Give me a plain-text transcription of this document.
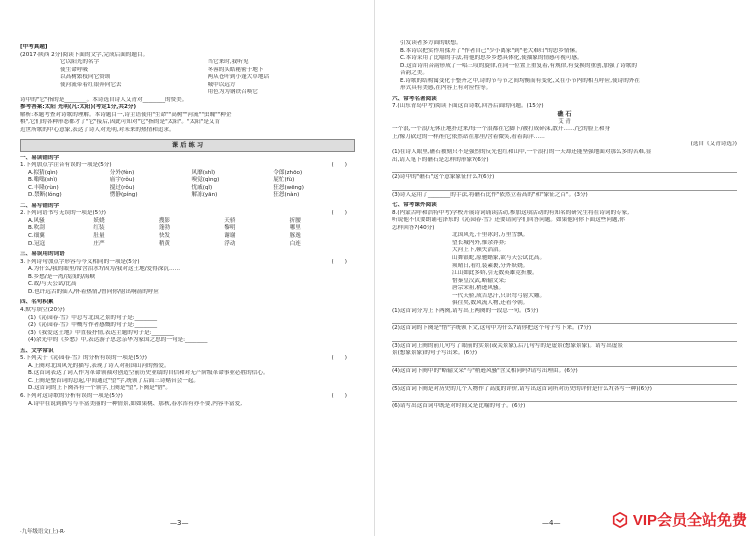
[中考真题]
(2017·陕西 2分)阅读下面的文字,完成后面的题目。
它以阳光的名字
使生命呼吸
以高树繁枝向它赞颂
使河流带着红银奔向它去
当它来时,我听见
冬蓉的头皓秘密于地下
两从苍叶到小蓬大草地话
城中以远方
用色为为钢铁召唤它
诗中的"它"指的是________。本诗选自诗人艾青对________的赞美。
参考答案:太阳 光明(凡:太阳)(考定1分,共2分)
解析:本题考查对诗歌的理解。本诗题目一,诗主语使用"生命""高树""河流""虫魄""种企
棋",它们的各种形态都才了"它"接后,因此可知对"它"指的是"太阳"。"太阳"是艾肯
近世所歌的中心意象,表达了诗人对光明,对未来的热情和追求。
课 后 练 习
一、易读错的字
1.下列加点字注音有误的一项是(5分)	(　　)
A.拟猜(qìn)	分外(fèn)	风靡(shǐ)	令郎(zhōo)
B.嗡嗡(shì)	庙宇(rǒu)	嗅觉(qìng)	屁忙(fù)
C.丰隆(rùn)	搅过(rǒu)	忧戚(qǐ)	狂怒(wēng)
D.禁断(lǒng)	愣静(píng)	解冻(yān)	狂怒(nàn)
二、易写错的字
2.下列词语书写无误的一项是(5分)	(　　)
A.风骚	妖娆	搜影	天骄	折腰
B.吹刮	红装	蓬勃	黎明	哪里
C.细翼	肚量	快发	谢谢	豚逸
D.冠寇	庄严	稍黄	浮动	白连
三、易误用的词语
3.下列诗句加点字形容与今义相同的一项是(5分)	(　　)
A.为什么/我的眼里/常含泪水?/因为/我对这土地/爱得深沉……
B.乡愁/是一湾/浅浅的/海峡
C.故/与天公试/比高
D.也许远古的仙人/怀着热情,/曾向你/射出响箭的呼应
四、名句积累
4.默写填空(20分)
(1)《沁园春·雪》中总写北国之景的句子是:________
(2)《沁园春·雪》中概写作者感慨的句子是:________
(3)《我爱这土地》中直接抒情,表达主题的句子是:________
(4)余光中的《乡愁》中,表达游子思念亲华为家国之思的一句是:________
五、文学常识
5.下列关于《沁园春·雪》的分析有误的一项是(5分)	(　　)
A.上阕对北国风光的描写,表现了诗人对祖国山河的热爱。
B.这首词表达了词人作为革命领袖对创造空前历史业绩的自信和对无产阶级革命事业必胜的信心。
C.上阕是整首词的总起,中间通过"望"字,统领了后面三诗赌台会一起。
D.这首词的上下阕各有一个领字,上阕是"望",下阕是"惜"。
6.下列对这诗歌的分析有误的一项是(5分)	(　　)
A.诗中在说到描写与丰富美丽的一种情景,如如果桃、那秋,春水浑有亦不要,内容丰富爱,
·九年级语文(上)·R·
—3—
引发读者多方面的联想。
B.本诗以把实作用揉开了"作者自己"少小离家"到"老大难归"的思乡情愫。
C.本诗采用了比喻的手法,将他的思乡乡愁具体化,使抽象的情感可视可感。
D.这首诗用音韵形成了一唱三叹的旋律,在同一位置上重复着,有规律,有变换的重创,加强了诗歌的
音韵之美。
E.诗歌的结构寓变化于整齐之中,诗的节与节之间均衡而有变化,又在小节内的相互呼应,使诗的外在
形式具有美感,在内容上有对应性等。
六、常考名著阅读
7.(山东青岛中考)阅读下面这首诗歌,回答后面的问题。(15分)
礁 石
艾 青
一个浪,一个浪/无休止地扑过来/每一个浪都在它脚下/被打成碎沫,散开……/它的脸上和身
上/像刀砍过的一样/但它依然站在那里/含着微笑,看着海洋……
(选自《艾青诗选》)
(1)在诗人眼里,礁石被刻只不是强烈的反光也红和山中,一个浪打的一天却还能坚强地面对那么多的苦难,显
出,请人笔下的礁石是怎样的形象?(6分)
(2)诗中的"礁石"这个意象象征什么?(6分)
(3)诗人运用了________的手法,将礁石比作"依然立着高的"和"象征之百"。(3分)
七、常考课外阅读
8.(内蒙古呼和浩特中考)学校开展诗词诵读活动,参加这项活动的有知名的研究生将在诗词的专家,
听说他不仅要朗诵毛泽东的《沁园春·雪》还要请同学们回答问题。如果他问你下面这些问题,你
怎样回答?(40分)
北国风光,千里冰封,万里雪飘。
望长城内外,惟余莽莽;
大河上下,顿失滔滔。
山舞银蛇,原驰蜡象,欲与天公试比高。
须晴日,看红装素裹,分外妖娆。
江山如此多娇,引无数英雄竞折腰。
惜秦皇汉武,略输文采;
唐宗宋祖,稍逊风骚。
一代天骄,成吉思汗,只识弯弓射大雕。
俱往矣,数风流人物,还看今朝。
(1)这首词分为上下两阕,请写出上两阕的一段总一句。(5分)
(2)这首词的下阕是"惜"字统领下文,这句中为什么?请你把这个句子写下来。(7分)
(3)这首词上阕的前几句写了眼前的实景(或关景象),后几句写的是虚景(想象景象)。请写出虚景
景(想象景象)的句子写出来。(6分)
(4)这首词下阕中的"略输文采"与"稍逊风骚"含义相同吗?请写出理由。(6分)
(5)这首词下阕是对历史的几个人物作了高度的评价,请写出这首词所对历史的评价是什么?(各写一种)(6分)
(6)请写出这首词中既是对时间又是比喻的句子。(6分)
—4—	VIP会员全站免费
